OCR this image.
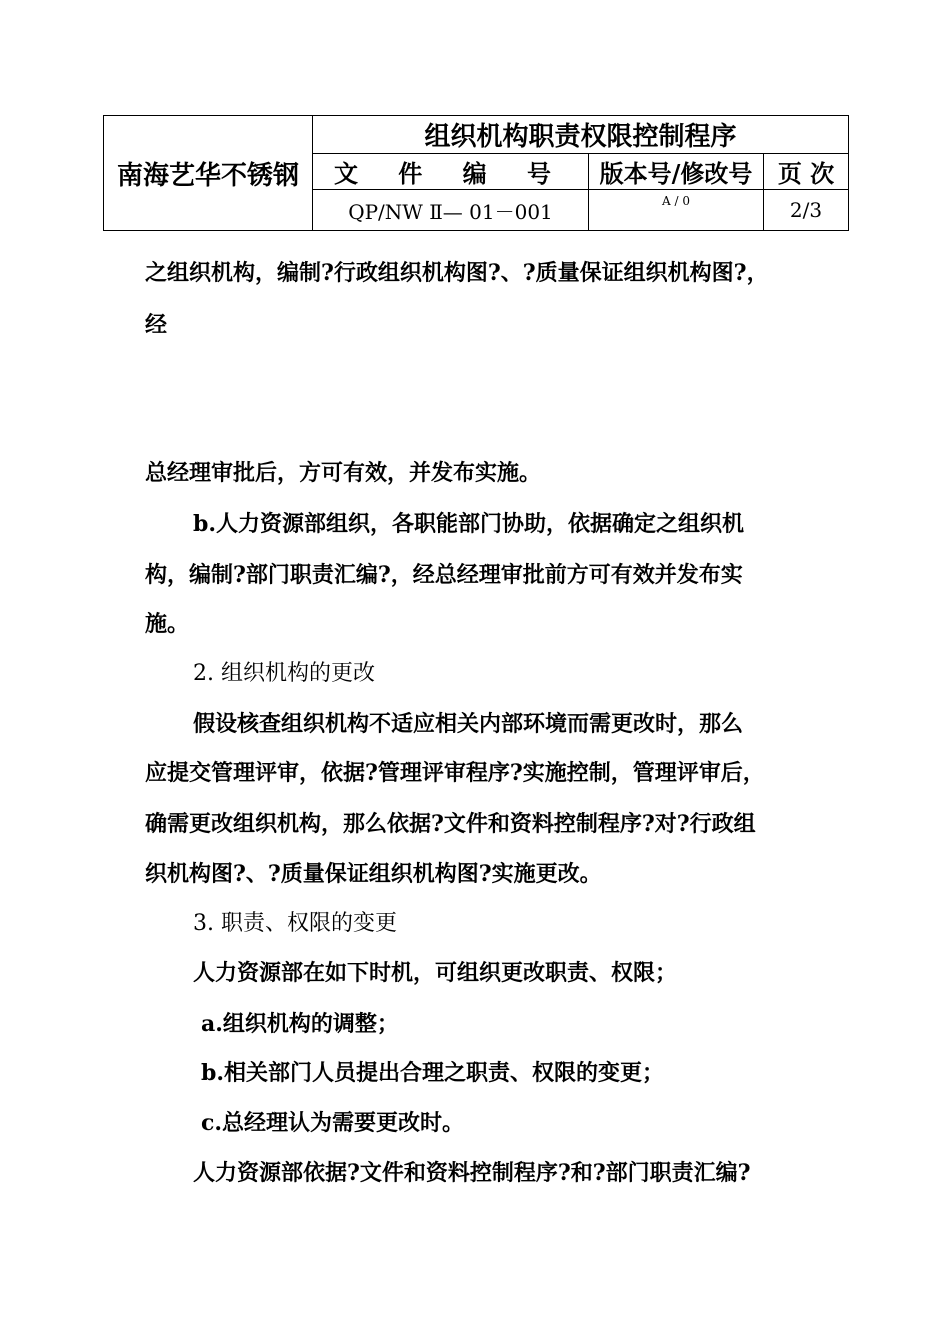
南海艺华不锈钢	组织机构职责权限控制程序		
	文 件 编 号	版本号/修改号	页 次
	QP/NW Ⅱ— 01－001	A / 0	2/3
之组织机构，编制?行政组织机构图?、?质量保证组织机构图?，
经
总经理审批后，方可有效，并发布实施。
b.人力资源部组织，各职能部门协助，依据确定之组织机
构，编制?部门职责汇编?，经总经理审批前方可有效并发布实
施。
2. 组织机构的更改
假设核查组织机构不适应相关内部环境而需更改时，那么
应提交管理评审，依据?管理评审程序?实施控制，管理评审后，
确需更改组织机构，那么依据?文件和资料控制程序?对?行政组
织机构图?、?质量保证组织机构图?实施更改。
3. 职责、权限的变更
人力资源部在如下时机，可组织更改职责、权限；
a.组织机构的调整；
b.相关部门人员提出合理之职责、权限的变更；
c.总经理认为需要更改时。
人力资源部依据?文件和资料控制程序?和?部门职责汇编?
